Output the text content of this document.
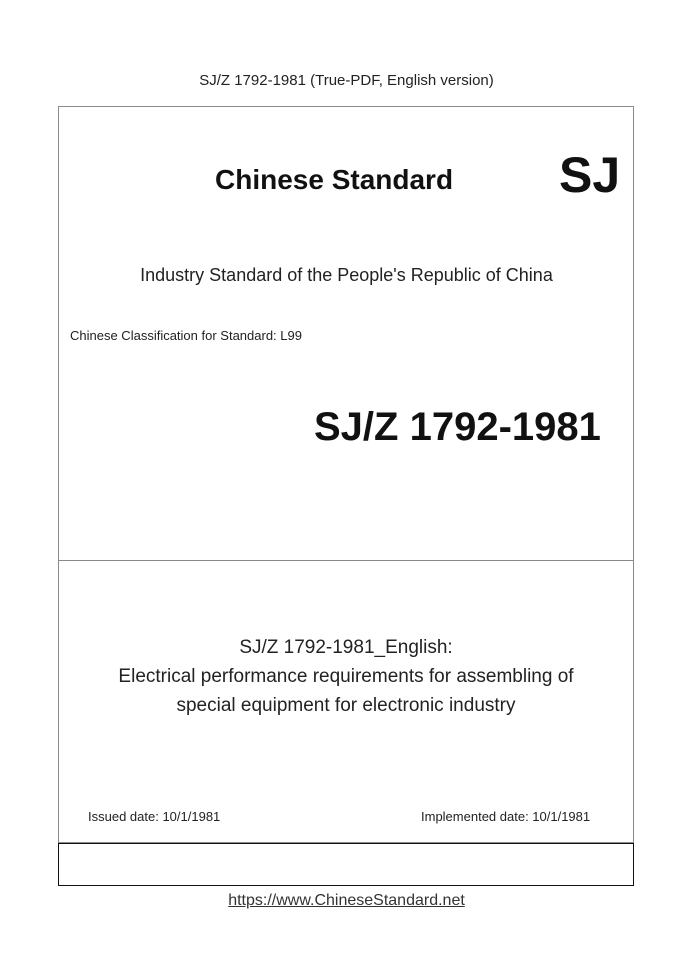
SJ/Z 1792-1981 (True-PDF, English version)
Chinese Standard SJ
Industry Standard of the People's Republic of China
Chinese Classification for Standard: L99
SJ/Z 1792-1981
SJ/Z 1792-1981_English:
Electrical performance requirements for assembling of
special equipment for electronic industry
Issued date: 10/1/1981	Implemented date: 10/1/1981
https://www.ChineseStandard.net
